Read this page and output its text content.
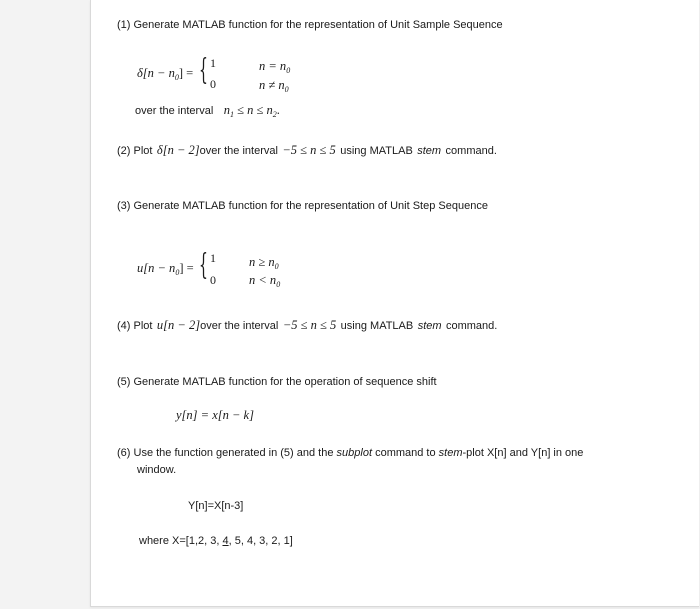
(1) Generate MATLAB function for the representation of Unit Sample Sequence
$\delta[n - n_0]$ = { 1
0
$n = n_0$
$n \ne n_0$
over the interval $n_1 \le n \le n_2$.
(2) Plot δ[n − 2]over the interval −5 ≤ n ≤ 5 using MATLAB stem command.
(3) Generate MATLAB function for the representation of Unit Step Sequence
$u[n - n_0]$ = { 1
0
$n \ge n_0$
$n < n_0$
(4) Plot u[n − 2]over the interval −5 ≤ n ≤ 5 using MATLAB stem command.
(5) Generate MATLAB function for the operation of sequence shift
y[n] = x[n − k]
(6) Use the function generated in (5) and the subplot command to stem-plot X[n] and Y[n] in one
window.
Y[n]=X[n-3]
where X=[1,2, 3, 4, 5, 4, 3, 2, 1]
